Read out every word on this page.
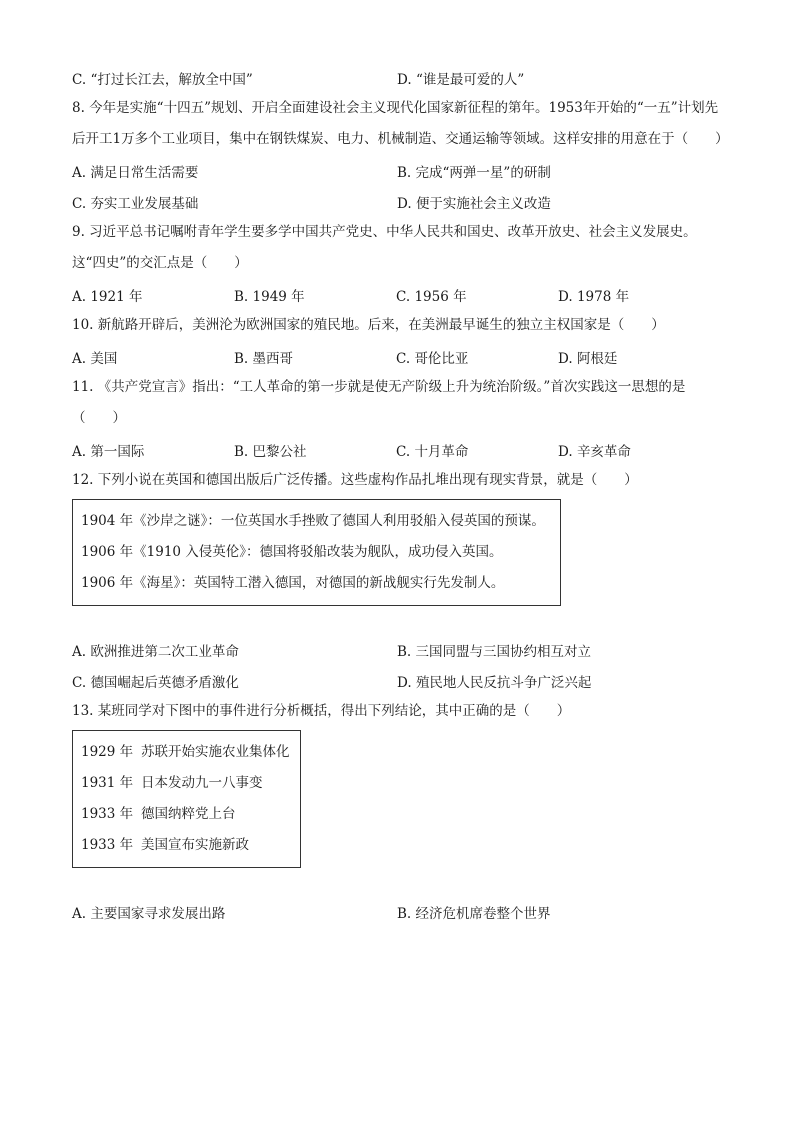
C. “打过长江去，解放全中国”	D. “谁是最可爱的人”
8. 今年是实施“十四五”规划、开启全面建设社会主义现代化国家新征程的第年。1953年开始的“一五”计划先后开工1万多个工业项目，集中在钢铁煤炭、电力、机械制造、交通运输等领域。这样安排的用意在于（　　）
A. 满足日常生活需要	B. 完成“两弹一星”的研制
C. 夯实工业发展基础	D. 便于实施社会主义改造
9. 习近平总书记嘱咐青年学生要多学中国共产党史、中华人民共和国史、改革开放史、社会主义发展史。这“四史”的交汇点是（　　）
A. 1921 年	B. 1949 年	C. 1956 年	D. 1978 年
10. 新航路开辟后，美洲沦为欧洲国家的殖民地。后来，在美洲最早诞生的独立主权国家是（　　）
A. 美国	B. 墨西哥	C. 哥伦比亚	D. 阿根廷
11. 《共产党宣言》指出：“工人革命的第一步就是使无产阶级上升为统治阶级。”首次实践这一思想的是（　　）
A. 第一国际	B. 巴黎公社	C. 十月革命	D. 辛亥革命
12. 下列小说在英国和德国出版后广泛传播。这些虚构作品扎堆出现有现实背景，就是（　　）
1904 年《沙岸之谜》：一位英国水手挫败了德国人利用驳船入侵英国的预谋。
1906 年《1910 入侵英伦》：德国将驳船改装为舰队，成功侵入英国。
1906 年《海星》：英国特工潜入德国，对德国的新战舰实行先发制人。
A. 欧洲推进第二次工业革命	B. 三国同盟与三国协约相互对立
C. 德国崛起后英德矛盾激化	D. 殖民地人民反抗斗争广泛兴起
13. 某班同学对下图中的事件进行分析概括，得出下列结论，其中正确的是（　　）
1929 年 苏联开始实施农业集体化
1931 年 日本发动九一八事变
1933 年 德国纳粹党上台
1933 年 美国宣布实施新政
A. 主要国家寻求发展出路	B. 经济危机席卷整个世界
